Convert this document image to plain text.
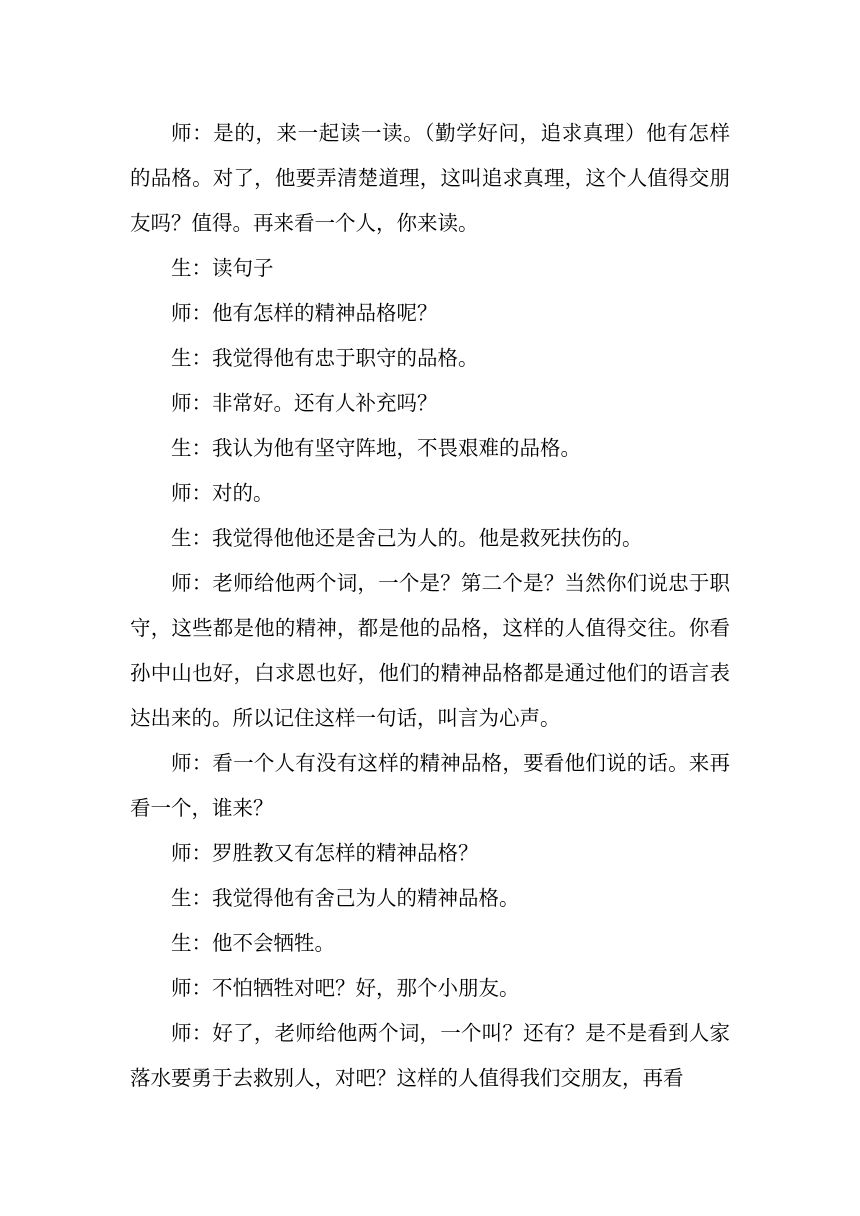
师：是的，来一起读一读。（勤学好问，追求真理）他有怎样的品格。对了，他要弄清楚道理，这叫追求真理，这个人值得交朋友吗？值得。再来看一个人，你来读。

生：读句子

师：他有怎样的精神品格呢？

生：我觉得他有忠于职守的品格。

师：非常好。还有人补充吗？

生：我认为他有坚守阵地，不畏艰难的品格。

师：对的。

生：我觉得他他还是舍己为人的。他是救死扶伤的。

师：老师给他两个词，一个是？第二个是？当然你们说忠于职守，这些都是他的精神，都是他的品格，这样的人值得交往。你看孙中山也好，白求恩也好，他们的精神品格都是通过他们的语言表达出来的。所以记住这样一句话，叫言为心声。

师：看一个人有没有这样的精神品格，要看他们说的话。来再看一个，谁来？

师：罗胜教又有怎样的精神品格？

生：我觉得他有舍己为人的精神品格。

生：他不会牺牲。

师：不怕牺牲对吧？好，那个小朋友。

师：好了，老师给他两个词，一个叫？还有？是不是看到人家落水要勇于去救别人，对吧？这样的人值得我们交朋友，再看
